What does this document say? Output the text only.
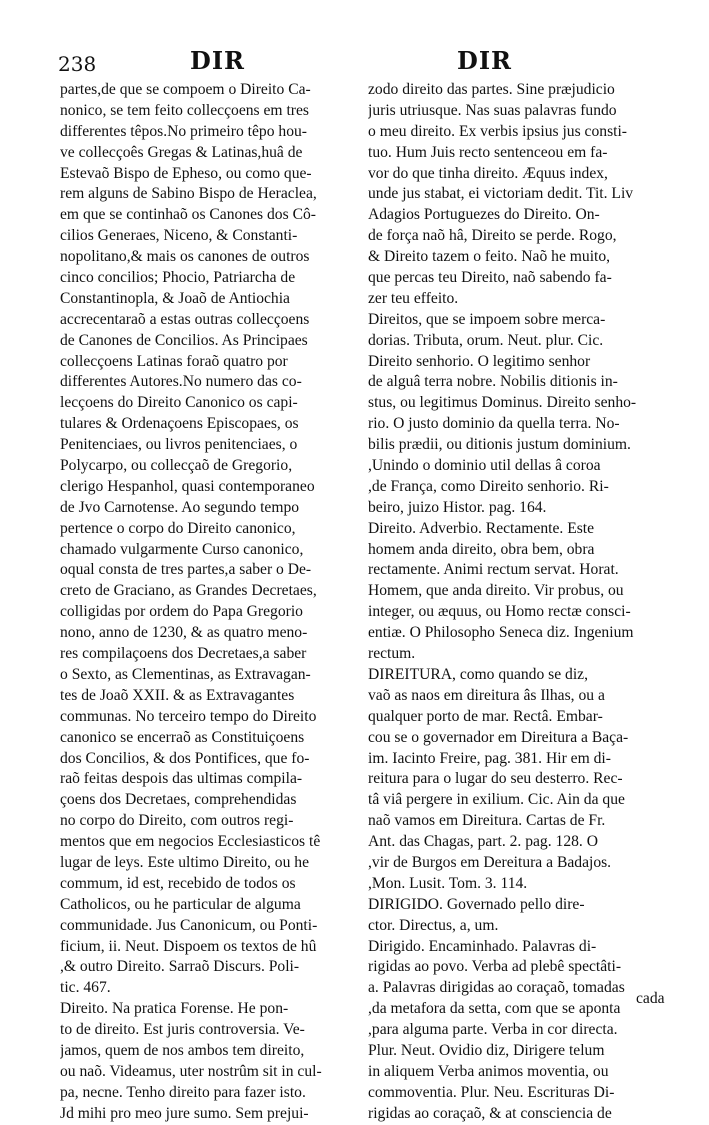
238	DIR	DIR
partes,de que se compoem o Direito Ca-
nonico, se tem feito collecçoens em tres
differentes têpos.No primeiro têpo hou-
ve collecçoês Gregas & Latinas,huâ de
Estevaõ Bispo de Epheso, ou como que-
rem alguns de Sabino Bispo de Heraclea,
em que se continhaõ os Canones dos Cô-
cilios Generaes, Niceno, & Constanti-
nopolitano,& mais os canones de outros
cinco concilios; Phocio, Patriarcha de
Constantinopla, & Joaõ de Antiochia
accrecentaraõ a estas outras collecçoens
de Canones de Concilios. As Principaes
collecçoens Latinas foraõ quatro por
differentes Autores.No numero das co-
lecçoens do Direito Canonico os capi-
tulares & Ordenaçoens Episcopaes, os
Penitenciaes, ou livros penitenciaes, o
Polycarpo, ou collecçaõ de Gregorio,
clerigo Hespanhol, quasi contemporaneo
de Jvo Carnotense. Ao segundo tempo
pertence o corpo do Direito canonico,
chamado vulgarmente Curso canonico,
oqual consta de tres partes,a saber o De-
creto de Graciano, as Grandes Decretaes,
colligidas por ordem do Papa Gregorio
nono, anno de 1230, & as quatro meno-
res compilaçoens dos Decretaes,a saber
o Sexto, as Clementinas, as Extravagan-
tes de Joaõ XXII. & as Extravagantes
communas. No terceiro tempo do Direito
canonico se encerraõ as Constituiçoens
dos Concilios, & dos Pontifices, que fo-
raõ feitas despois das ultimas compila-
çoens dos Decretaes, comprehendidas
no corpo do Direito, com outros regi-
mentos que em negocios Ecclesiasticos tê
lugar de leys. Este ultimo Direito, ou he
commum, id est, recebido de todos os
Catholicos, ou he particular de alguma
communidade. Jus Canonicum, ou Ponti-
ficium, ii. Neut. Dispoem os textos de hû
,& outro Direito. Sarraõ Discurs. Poli-
tic. 467.
Direito. Na pratica Forense. He pon-
to de direito. Est juris controversia. Ve-
jamos, quem de nos ambos tem direito,
ou naõ. Videamus, uter nostrûm sit in cul-
pa, necne. Tenho direito para fazer isto.
Jd mihi pro meo jure sumo. Sem prejui-
zodo direito das partes. Sine præjudicio
juris utriusque. Nas suas palavras fundo
o meu direito. Ex verbis ipsius jus consti-
tuo. Hum Juis recto sentenceou em fa-
vor do que tinha direito. Æquus index,
unde jus stabat, ei victoriam dedit. Tit. Liv
Adagios Portuguezes do Direito. On-
de força naõ hâ, Direito se perde. Rogo,
& Direito tazem o feito. Naõ he muito,
que percas teu Direito, naõ sabendo fa-
zer teu effeito.
Direitos, que se impoem sobre merca-
dorias. Tributa, orum. Neut. plur. Cic.
Direito senhorio. O legitimo senhor
de alguâ terra nobre. Nobilis ditionis in-
stus, ou legitimus Dominus. Direito senho-
rio. O justo dominio da quella terra. No-
bilis prædii, ou ditionis justum dominium.
,Unindo o dominio util dellas â coroa
,de França, como Direito senhorio. Ri-
beiro, juizo Histor. pag. 164.
Direito. Adverbio. Rectamente. Este
homem anda direito, obra bem, obra
rectamente. Animi rectum servat. Horat.
Homem, que anda direito. Vir probus, ou
integer, ou æquus, ou Homo rectæ consci-
entiæ. O Philosopho Seneca diz. Ingenium
rectum.
DIREITURA, como quando se diz,
vaõ as naos em direitura âs Ilhas, ou a
qualquer porto de mar. Rectâ. Embar-
cou se o governador em Direitura a Baça-
im. Iacinto Freire, pag. 381. Hir em di-
reitura para o lugar do seu desterro. Rec-
tâ viâ pergere in exilium. Cic. Ain da que
naõ vamos em Direitura. Cartas de Fr.
Ant. das Chagas, part. 2. pag. 128. O
,vir de Burgos em Dereitura a Badajos.
,Mon. Lusit. Tom. 3. 114.
DIRIGIDO. Governado pello dire-
ctor. Directus, a, um.
Dirigido. Encaminhado. Palavras di-
rigidas ao povo. Verba ad plebê spectâti-
a. Palavras dirigidas ao coraçaõ, tomadas
,da metafora da setta, com que se aponta
,para alguma parte. Verba in cor directa.
Plur. Neut. Ovidio diz, Dirigere telum
in aliquem Verba animos moventia, ou
commoventia. Plur. Neu. Escrituras Di-
rigidas ao coraçaõ, & at consciencia de
cada
